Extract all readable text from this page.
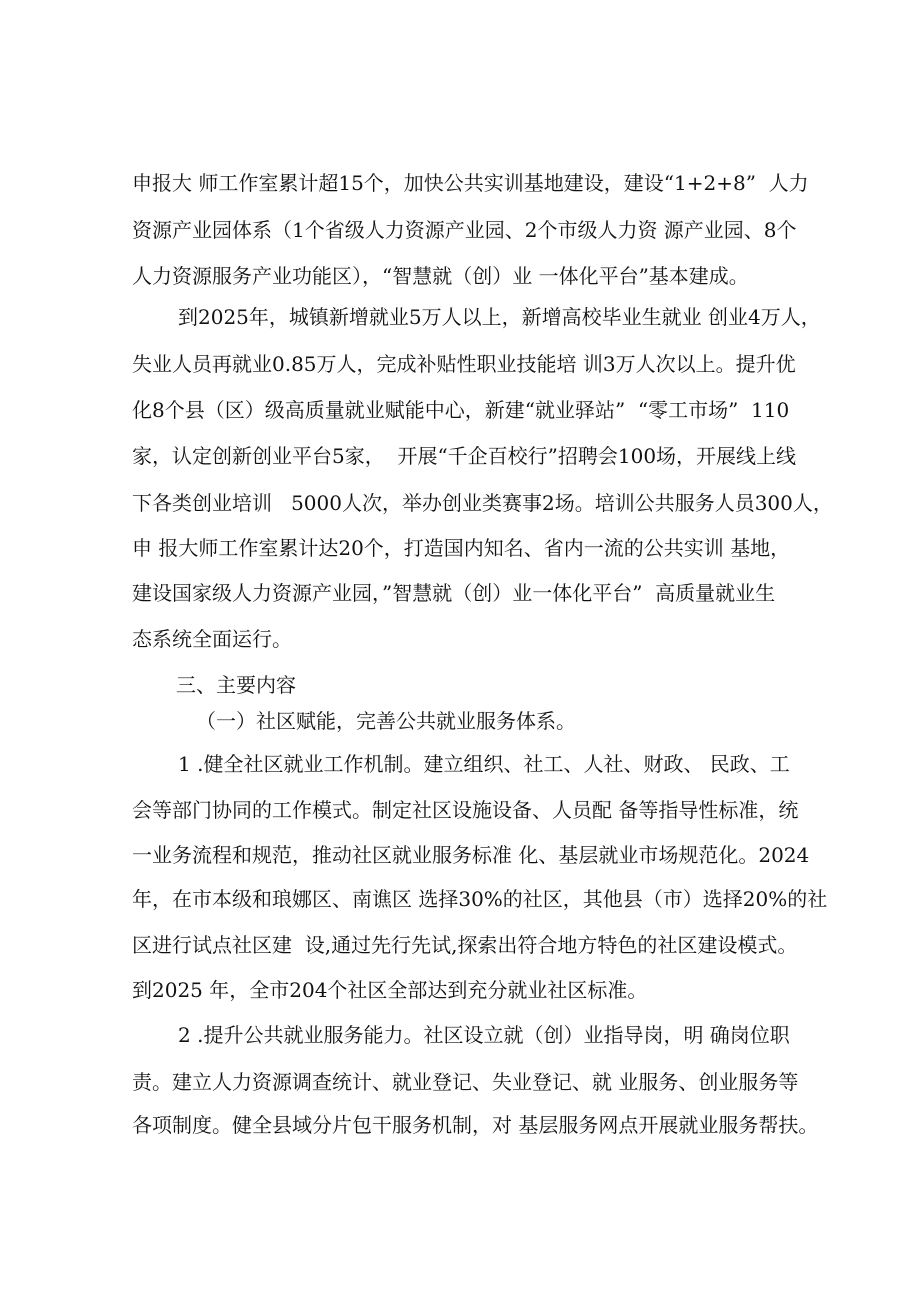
申报大 师工作室累计超15个，加快公共实训基地建设，建设“1+2+8”  人力
资源产业园体系（1个省级人力资源产业园、2个市级人力资 源产业园、8个
人力资源服务产业功能区），“智慧就（创）业 一体化平台”基本建成。
到2025年，城镇新增就业5万人以上，新增高校毕业生就业 创业4万人，
失业人员再就业0.85万人，完成补贴性职业技能培 训3万人次以上。提升优
化8个县（区）级高质量就业赋能中心，新建“就业驿站”  “零工市场”  110
家，认定创新创业平台5家，  开展“千企百校行”招聘会100场，开展线上线
下各类创业培训   5000人次，举办创业类赛事2场。培训公共服务人员300人，
申 报大师工作室累计达20个，打造国内知名、省内一流的公共实训 基地，
建设国家级人力资源产业园，”智慧就（创）业一体化平台”  高质量就业生
态系统全面运行。
三、主要内容
（一）社区赋能，完善公共就业服务体系。
1 .健全社区就业工作机制。建立组织、社工、人社、财政、 民政、工
会等部门协同的工作模式。制定社区设施设备、人员配 备等指导性标准，统
一业务流程和规范，推动社区就业服务标准 化、基层就业市场规范化。2024
年，在市本级和琅娜区、南谯区 选择30%的社区，其他县（市）选择20%的社
区进行试点社区建  设,通过先行先试,探索出符合地方特色的社区建设模式。
到2025 年，全市204个社区全部达到充分就业社区标准。
2 .提升公共就业服务能力。社区设立就（创）业指导岗，明 确岗位职
责。建立人力资源调查统计、就业登记、失业登记、就 业服务、创业服务等
各项制度。健全县域分片包干服务机制，对 基层服务网点开展就业服务帮扶。
